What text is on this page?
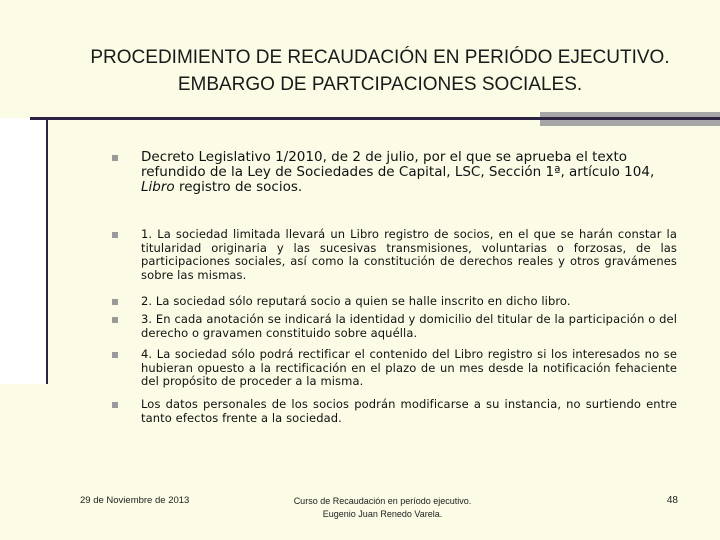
PROCEDIMIENTO DE RECAUDACIÓN EN PERIÓDO EJECUTIVO.
EMBARGO DE PARTCIPACIONES SOCIALES.
Decreto Legislativo 1/2010, de 2 de julio, por el que se aprueba el texto refundido de la Ley de Sociedades de Capital, LSC, Sección 1ª, artículo 104, Libro registro de socios.
1. La sociedad limitada llevará un Libro registro de socios, en el que se harán constar la titularidad originaria y las sucesivas transmisiones, voluntarias o forzosas, de las participaciones sociales, así como la constitución de derechos reales y otros gravámenes sobre las mismas.
2. La sociedad sólo reputará socio a quien se halle inscrito en dicho libro.
3. En cada anotación se indicará la identidad y domicilio del titular de la participación o del derecho o gravamen constituido sobre aquélla.
4. La sociedad sólo podrá rectificar el contenido del Libro registro si los interesados no se hubieran opuesto a la rectificación en el plazo de un mes desde la notificación fehaciente del propósito de proceder a la misma.
Los datos personales de los socios podrán modificarse a su instancia, no surtiendo entre tanto efectos frente a la sociedad.
29 de Noviembre de 2013	Curso de Recaudación en período ejecutivo.
Eugenio Juan Renedo Varela.
48
